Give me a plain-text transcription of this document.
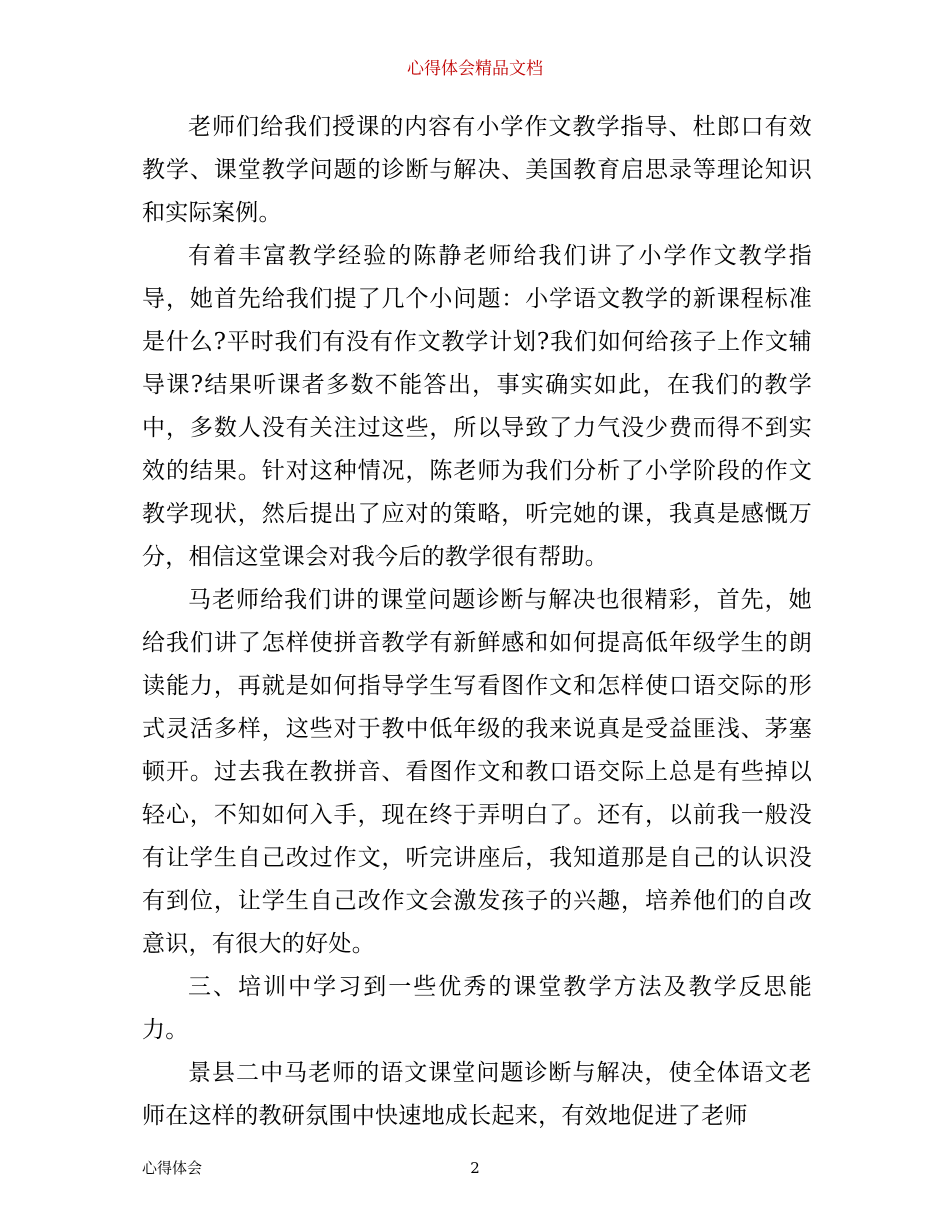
心得体会精品文档

老师们给我们授课的内容有小学作文教学指导、杜郎口有效教学、课堂教学问题的诊断与解决、美国教育启思录等理论知识和实际案例。

有着丰富教学经验的陈静老师给我们讲了小学作文教学指导，她首先给我们提了几个小问题：小学语文教学的新课程标准是什么?平时我们有没有作文教学计划?我们如何给孩子上作文辅导课?结果听课者多数不能答出，事实确实如此，在我们的教学中，多数人没有关注过这些，所以导致了力气没少费而得不到实效的结果。针对这种情况，陈老师为我们分析了小学阶段的作文教学现状，然后提出了应对的策略，听完她的课，我真是感慨万分，相信这堂课会对我今后的教学很有帮助。

马老师给我们讲的课堂问题诊断与解决也很精彩，首先，她给我们讲了怎样使拼音教学有新鲜感和如何提高低年级学生的朗读能力，再就是如何指导学生写看图作文和怎样使口语交际的形式灵活多样，这些对于教中低年级的我来说真是受益匪浅、茅塞顿开。过去我在教拼音、看图作文和教口语交际上总是有些掉以轻心，不知如何入手，现在终于弄明白了。还有，以前我一般没有让学生自己改过作文，听完讲座后，我知道那是自己的认识没有到位，让学生自己改作文会激发孩子的兴趣，培养他们的自改意识，有很大的好处。

三、培训中学习到一些优秀的课堂教学方法及教学反思能力。

景县二中马老师的语文课堂问题诊断与解决，使全体语文老师在这样的教研氛围中快速地成长起来，有效地促进了老师

心得体会	2
